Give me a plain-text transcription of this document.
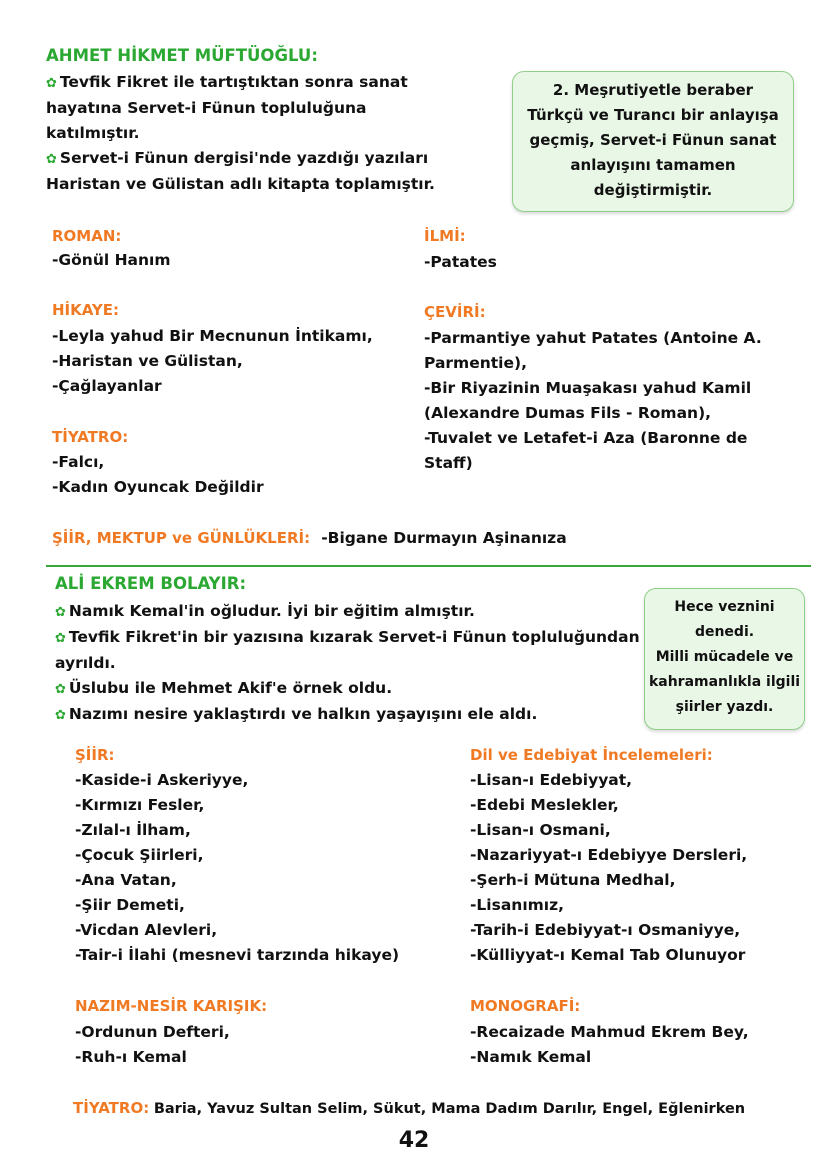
AHMET HİKMET MÜFTÜOĞLU:
✿ Tevfik Fikret ile tartıştıktan sonra sanat
hayatına Servet-i Fünun topluluğuna
katılmıştır.
✿ Servet-i Fünun dergisi'nde yazdığı yazıları
Haristan ve Gülistan adlı kitapta toplamıştır.
2. Meşrutiyetle beraber
Türkçü ve Turancı bir anlayışa
geçmiş, Servet-i Fünun sanat
anlayışını tamamen
değiştirmiştir.
ROMAN:
-Gönül Hanım
İLMİ:
-Patates
HİKAYE:
-Leyla yahud Bir Mecnunun İntikamı,
-Haristan ve Gülistan,
-Çağlayanlar
ÇEVİRİ:
-Parmantiye yahut Patates (Antoine A.
Parmentie),
-Bir Riyazinin Muaşakası yahud Kamil
(Alexandre Dumas Fils - Roman),
-Tuvalet ve Letafet-i Aza (Baronne de
Staff)
TİYATRO:
-Falcı,
-Kadın Oyuncak Değildir
ŞİİR, MEKTUP ve GÜNLÜKLERİ: -Bigane Durmayın Aşinanıza
ALİ EKREM BOLAYIR:
✿ Namık Kemal'in oğludur. İyi bir eğitim almıştır.
✿ Tevfik Fikret'in bir yazısına kızarak Servet-i Fünun topluluğundan
ayrıldı.
✿ Üslubu ile Mehmet Akif'e örnek oldu.
✿ Nazımı nesire yaklaştırdı ve halkın yaşayışını ele aldı.
Hece veznini
denedi.
Milli mücadele ve
kahramanlıkla ilgili
şiirler yazdı.
ŞİİR:
-Kaside-i Askeriyye,
-Kırmızı Fesler,
-Zılal-ı İlham,
-Çocuk Şiirleri,
-Ana Vatan,
-Şiir Demeti,
-Vicdan Alevleri,
-Tair-i İlahi (mesnevi tarzında hikaye)
Dil ve Edebiyat İncelemeleri:
-Lisan-ı Edebiyyat,
-Edebi Meslekler,
-Lisan-ı Osmani,
-Nazariyyat-ı Edebiyye Dersleri,
-Şerh-i Mütuna Medhal,
-Lisanımız,
-Tarih-i Edebiyyat-ı Osmaniyye,
-Külliyyat-ı Kemal Tab Olunuyor
NAZIM-NESİR KARIŞIK:
-Ordunun Defteri,
-Ruh-ı Kemal
MONOGRAFİ:
-Recaizade Mahmud Ekrem Bey,
-Namık Kemal
TİYATRO: Baria, Yavuz Sultan Selim, Sükut, Mama Dadım Darılır, Engel, Eğlenirken
42
